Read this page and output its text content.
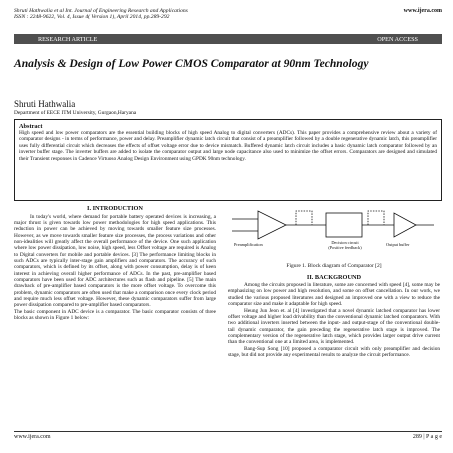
Shruti Hathwalia et al Int. Journal of Engineering Research and Applications
ISSN : 2248-9622, Vol. 4, Issue 4( Version 1), April 2014, pp.289-292
www.ijera.com
RESEARCH ARTICLE	OPEN ACCESS
Analysis & Design of Low Power CMOS Comparator at 90nm Technology
Shruti Hathwalia
Department of EECE ITM University, Gurgaon,Haryana
Abstract
High speed and low power comparators are the essential building blocks of high speed Analog to digital converters (ADCs). This paper provides a comprehensive review about a variety of comparator designs - in terms of performance, power and delay. Preamplifier dynamic latch circuit that consist of a preamplifier followed by a double regenerative dynamic latch, this preamplifier uses fully differential circuit which decreases the effects of offset voltage error due to device mismatch. Buffered dynamic latch circuit includes a basic dynamic latch comparator followed by an inverter buffer stage. The inverter buffers are added to isolate the comparator output and large node capacitance also used to minimize the offset errors. Comparators are designed and simulated their Transient responses in Cadence Virtuoso Analog Design Environment using GPDK 90nm technology.
I. INTRODUCTION
In today's world, where demand for portable battery operated devices is increasing, a major thrust is given towards low power methodologies for high speed applications. This reduction in power can be achieved by moving towards smaller feature size processes. However, as we move towards smaller feature size processes, the process variations and other non-idealities will greatly affect the overall performance of the device. One such application where low power dissipation, low noise, high speed, less Offset voltage are required is Analog to Digital converters for mobile and portable devices. [3] The performance limiting blocks in such ADCs are typically inter-stage gain amplifiers and comparators. The accuracy of such comparators, which is defined by its offset, along with power consumption, delay is of keen interest in achieving overall higher performance of ADCs. In the past, pre-amplifier based comparators have been used for ADC architectures such as flash and pipeline. [5] The main drawback of pre-amplifier based comparators is the more offset voltage. To overcome this problem, dynamic comparators are often used that make a comparison once every clock period and require much less offset voltage. However, these dynamic comparators suffer from large power dissipation compared to pre-amplifier based comparators.
The basic component in ADC device is a comparator. The basic comparator consists of three blocks as shown in Figure 1 below:
Preamplification	Decision circuit
(Positive feedback)
Output buffer
Figure 1. Block diagram of Comparator [2]
II. BACKGROUND
Among the circuits proposed in literature, some are concerned with speed [4], some may be emphasizing on low power and high resolution, and some on offset cancellation. In our work, we studied the various proposed literatures and designed an improved one with a view to reduce the comparator size and make it adaptable for high speed.
Heung Jun Jeon et. al [4] investigated that a novel dynamic latched comparator has lower offset voltage and higher load drivability than the conventional dynamic latched comparators. With two additional inverters inserted between the input- and output-stage of the conventional double-tail dynamic comparator, the gain preceding the regenerative latch stage is improved. The complementary version of the regenerative latch stage, which provides larger output drive current than the conventional one at a limited area, is implemented.
Bang-Sup Song [10] proposed a comparator circuit with only preamplifier and decision stage, but did not provide any experimental results to analyze the circuit performance.
www.ijera.com	289 | P a g e
